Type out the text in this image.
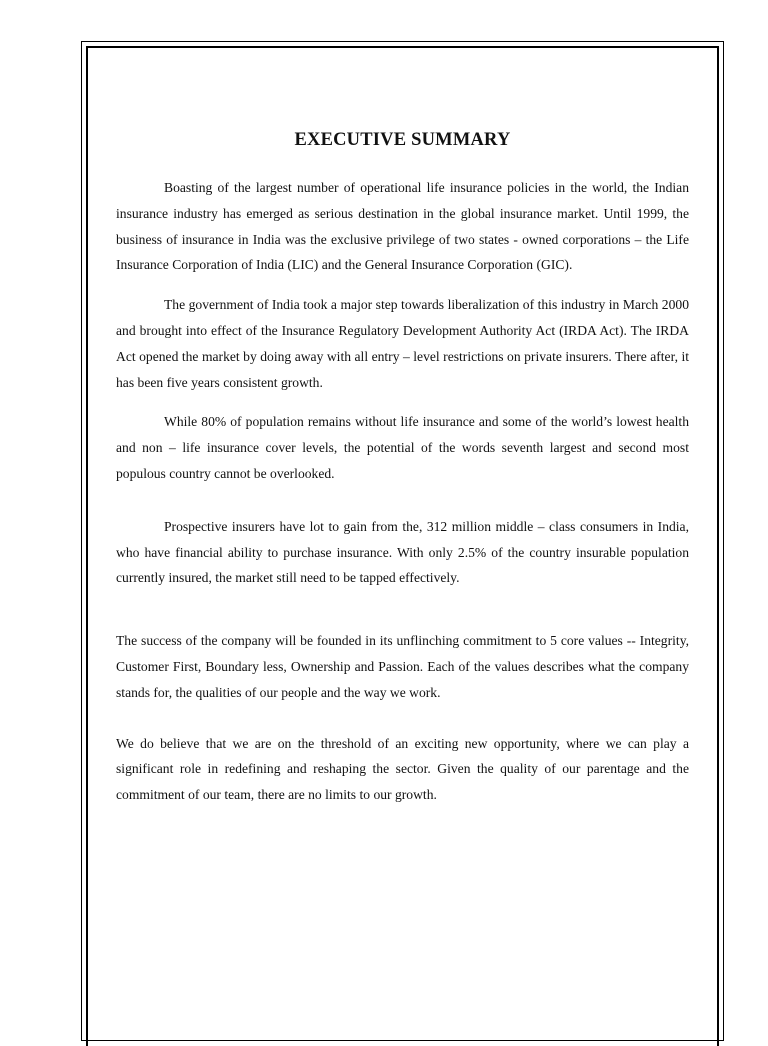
EXECUTIVE SUMMARY

Boasting of the largest number of operational life insurance policies in the world, the Indian insurance industry has emerged as serious destination in the global insurance market. Until 1999, the business of insurance in India was the exclusive privilege of two states - owned corporations – the Life Insurance Corporation of India (LIC) and the General Insurance Corporation (GIC).

The government of India took a major step towards liberalization of this industry in March 2000 and brought into effect of the Insurance Regulatory Development Authority Act (IRDA Act). The IRDA Act opened the market by doing away with all entry – level restrictions on private insurers. There after, it has been five years consistent growth.

While 80% of population remains without life insurance and some of the world’s lowest health and non – life insurance cover levels, the potential of the words seventh largest and second most populous country cannot be overlooked.

Prospective insurers have lot to gain from the, 312 million middle – class consumers in India, who have financial ability to purchase insurance. With only 2.5% of the country insurable population currently insured, the market still need to be tapped effectively.

The success of the company will be founded in its unflinching commitment to 5 core values -- Integrity, Customer First, Boundary less, Ownership and Passion. Each of the values describes what the company stands for, the qualities of our people and the way we work.

We do believe that we are on the threshold of an exciting new opportunity, where we can play a significant role in redefining and reshaping the sector. Given the quality of our parentage and the commitment of our team, there are no limits to our growth.
